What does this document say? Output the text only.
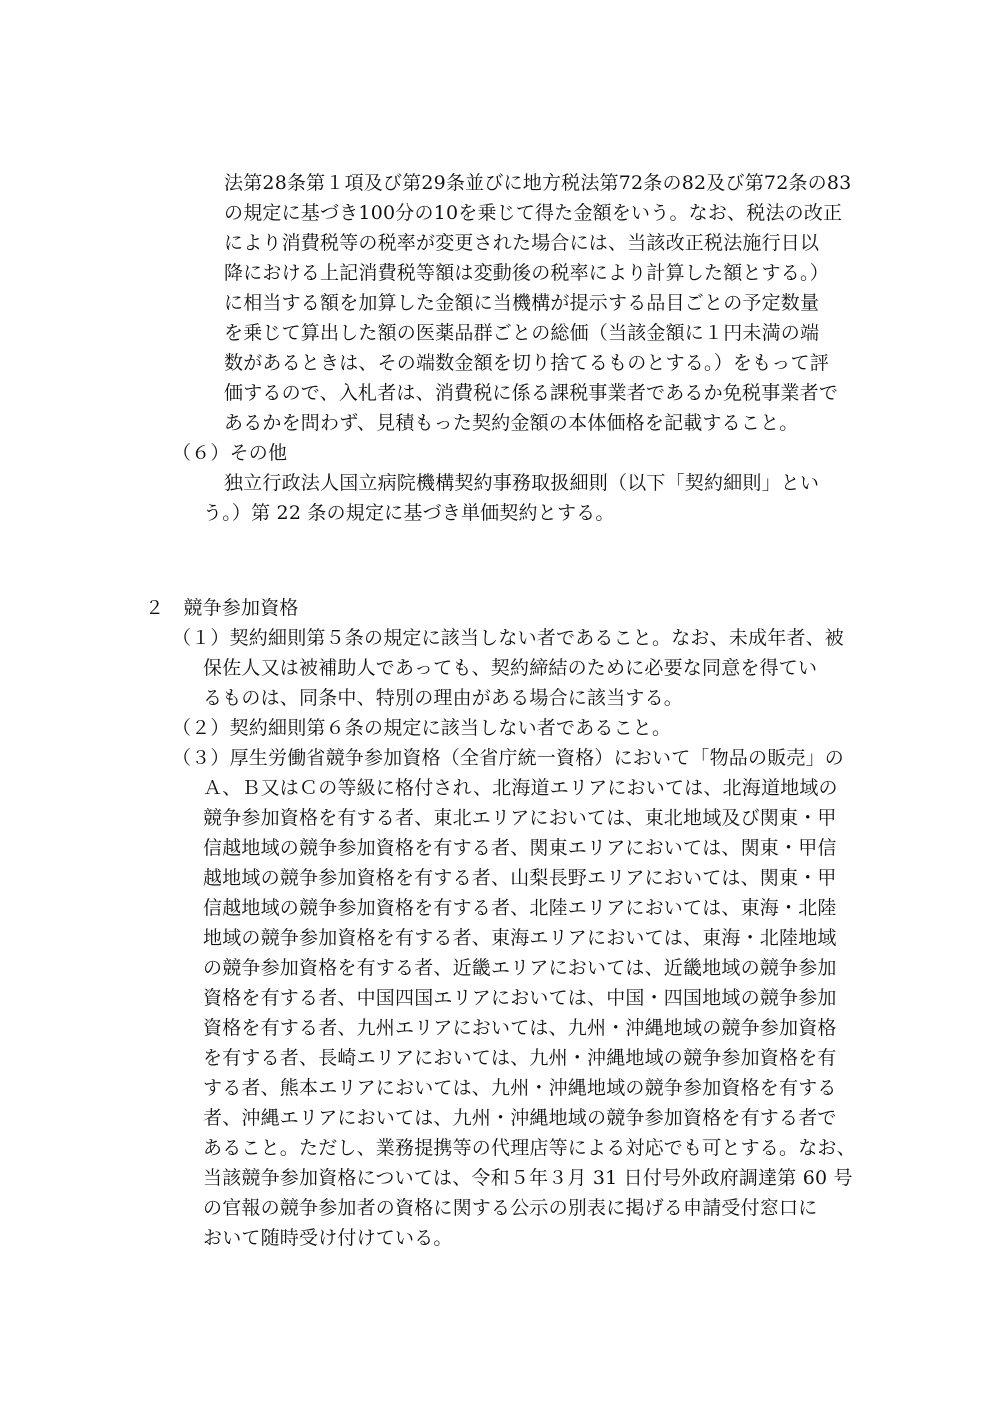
法第28条第１項及び第29条並びに地方税法第72条の82及び第72条の83
の規定に基づき100分の10を乗じて得た金額をいう。なお、税法の改正
により消費税等の税率が変更された場合には、当該改正税法施行日以
降における上記消費税等額は変動後の税率により計算した額とする。）
に相当する額を加算した金額に当機構が提示する品目ごとの予定数量
を乗じて算出した額の医薬品群ごとの総価（当該金額に１円未満の端
数があるときは、その端数金額を切り捨てるものとする。）をもって評
価するので、入札者は、消費税に係る課税事業者であるか免税事業者で
あるかを問わず、見積もった契約金額の本体価格を記載すること。
（６）その他
独立行政法人国立病院機構契約事務取扱細則（以下「契約細則」とい
う。）第 22 条の規定に基づき単価契約とする。
２　競争参加資格
（１）契約細則第５条の規定に該当しない者であること。なお、未成年者、被
保佐人又は被補助人であっても、契約締結のために必要な同意を得てい
るものは、同条中、特別の理由がある場合に該当する。
（２）契約細則第６条の規定に該当しない者であること。
（３）厚生労働省競争参加資格（全省庁統一資格）において「物品の販売」の
Ａ、Ｂ又はＣの等級に格付され、北海道エリアにおいては、北海道地域の
競争参加資格を有する者、東北エリアにおいては、東北地域及び関東・甲
信越地域の競争参加資格を有する者、関東エリアにおいては、関東・甲信
越地域の競争参加資格を有する者、山梨長野エリアにおいては、関東・甲
信越地域の競争参加資格を有する者、北陸エリアにおいては、東海・北陸
地域の競争参加資格を有する者、東海エリアにおいては、東海・北陸地域
の競争参加資格を有する者、近畿エリアにおいては、近畿地域の競争参加
資格を有する者、中国四国エリアにおいては、中国・四国地域の競争参加
資格を有する者、九州エリアにおいては、九州・沖縄地域の競争参加資格
を有する者、長崎エリアにおいては、九州・沖縄地域の競争参加資格を有
する者、熊本エリアにおいては、九州・沖縄地域の競争参加資格を有する
者、沖縄エリアにおいては、九州・沖縄地域の競争参加資格を有する者で
あること。ただし、業務提携等の代理店等による対応でも可とする。なお、
当該競争参加資格については、令和５年３月 31 日付号外政府調達第 60 号
の官報の競争参加者の資格に関する公示の別表に掲げる申請受付窓口に
おいて随時受け付けている。
